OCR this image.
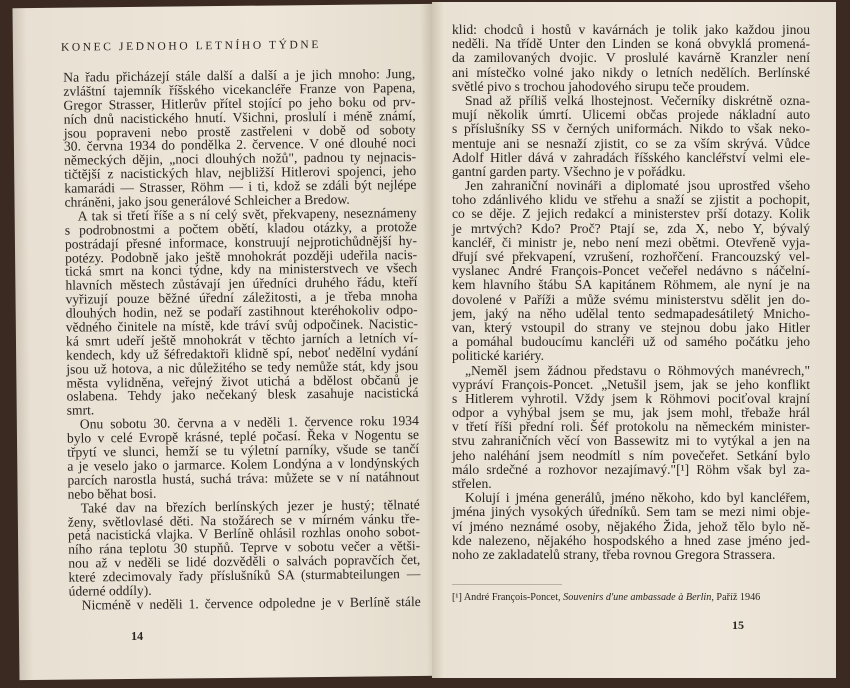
KONEC JEDNOHO LETNÍHO TÝDNE
Na řadu přicházejí stále další a další a je jich mnoho: Jung,
zvláštní tajemník říšského vicekancléře Franze von Papena,
Gregor Strasser, Hitlerův přítel stojící po jeho boku od prv-
ních dnů nacistického hnutí. Všichni, proslulí i méně známí,
jsou popraveni nebo prostě zastřeleni v době od soboty
30. června 1934 do pondělka 2. července. V oné dlouhé noci
německých dějin, „noci dlouhých nožů", padnou ty nejnacis-
tičtější z nacistických hlav, nejbližší Hitlerovi spojenci, jeho
kamarádi — Strasser, Röhm — i ti, kdož se zdáli být nejlépe
chráněni, jako jsou generálové Schleicher a Bredow.
A tak si třetí říše a s ní celý svět, překvapeny, neseznámeny
s podrobnostmi a počtem obětí, kladou otázky, a protože
postrádají přesné informace, konstruují nejprotichůdnější hy-
potézy. Podobně jako ještě mnohokrát později udeřila nacis-
tická smrt na konci týdne, kdy na ministerstvech ve všech
hlavních městech zůstávají jen úředníci druhého řádu, kteří
vyřizují pouze běžné úřední záležitosti, a je třeba mnoha
dlouhých hodin, než se podaří zastihnout kteréhokoliv odpo-
vědného činitele na místě, kde tráví svůj odpočinek. Nacistic-
ká smrt udeří ještě mnohokrát v těchto jarních a letních ví-
kendech, kdy už šéfredaktoři klidně spí, neboť nedělní vydání
jsou už hotova, a nic důležitého se tedy nemůže stát, kdy jsou
města vylidněna, veřejný život utichá a bdělost občanů je
oslabena. Tehdy jako nečekaný blesk zasahuje nacistická
smrt.
Onu sobotu 30. června a v neděli 1. července roku 1934
bylo v celé Evropě krásné, teplé počasí. Řeka v Nogentu se
třpytí ve slunci, hemží se tu výletní parníky, všude se tančí
a je veselo jako o jarmarce. Kolem Londýna a v londýnských
parcích narostla hustá, suchá tráva: můžete se v ní natáhnout
nebo běhat bosi.
Také dav na březích berlínských jezer je hustý; tělnaté
ženy, světlovlasé děti. Na stožárech se v mírném vánku tře-
petá nacistická vlajka. V Berlíně ohlásil rozhlas onoho sobot-
ního rána teplotu 30 stupňů. Teprve v sobotu večer a větši-
nou až v neděli se lidé dozvěděli o salvách popravčích čet,
které zdecimovaly řady příslušníků SA (sturmabteilungen —
úderné oddíly).
Nicméně v neděli 1. července odpoledne je v Berlíně stále
14
klid: chodců i hostů v kavárnách je tolik jako každou jinou
neděli. Na třídě Unter den Linden se koná obvyklá promená-
da zamilovaných dvojic. V proslulé kavárně Kranzler není
ani místečko volné jako nikdy o letních nedělích. Berlínské
světlé pivo s trochou jahodového sirupu teče proudem.
Snad až příliš velká lhostejnost. Večerníky diskrétně ozna-
mují několik úmrtí. Ulicemi občas projede nákladní auto
s příslušníky SS v černých uniformách. Nikdo to však neko-
mentuje ani se nesnaží zjistit, co se za vším skrývá. Vůdce
Adolf Hitler dává v zahradách říšského kancléřství velmi ele-
gantní garden party. Všechno je v pořádku.
Jen zahraniční novináři a diplomaté jsou uprostřed všeho
toho zdánlivého klidu ve střehu a snaží se zjistit a pochopit,
co se děje. Z jejich redakcí a ministerstev prší dotazy. Kolik
je mrtvých? Kdo? Proč? Ptají se, zda X, nebo Y, bývalý
kancléř, či ministr je, nebo není mezi obětmi. Otevřeně vyja-
dřují své překvapení, vzrušení, rozhořčení. Francouzský vel-
vyslanec André François-Poncet večeřel nedávno s náčelní-
kem hlavního štábu SA kapitánem Röhmem, ale nyní je na
dovolené v Paříži a může svému ministerstvu sdělit jen do-
jem, jaký na něho udělal tento sedmapadesátiletý Mnicho-
van, který vstoupil do strany ve stejnou dobu jako Hitler
a pomáhal budoucímu kancléři už od samého počátku jeho
politické kariéry.
„Neměl jsem žádnou představu o Röhmových manévrech,"
vypráví François-Poncet. „Netušil jsem, jak se jeho konflikt
s Hitlerem vyhrotil. Vždy jsem k Röhmovi pociťoval krajní
odpor a vyhýbal jsem se mu, jak jsem mohl, třebaže hrál
v třetí říši přední roli. Šéf protokolu na německém minister-
stvu zahraničních věcí von Bassewitz mi to vytýkal a jen na
jeho naléhání jsem neodmítl s ním povečeřet. Setkání bylo
málo srdečné a rozhovor nezajímavý."[¹] Röhm však byl za-
střelen.
Kolují i jména generálů, jméno někoho, kdo byl kancléřem,
jména jiných vysokých úředníků. Sem tam se mezi nimi obje-
ví jméno neznámé osoby, nějakého Žida, jehož tělo bylo ně-
kde nalezeno, nějakého hospodského a hned zase jméno jed-
noho ze zakladatelů strany, třeba rovnou Gregora Strassera.
[¹] André François-Poncet, Souvenirs d'une ambassade à Berlin, Paříž 1946
15
